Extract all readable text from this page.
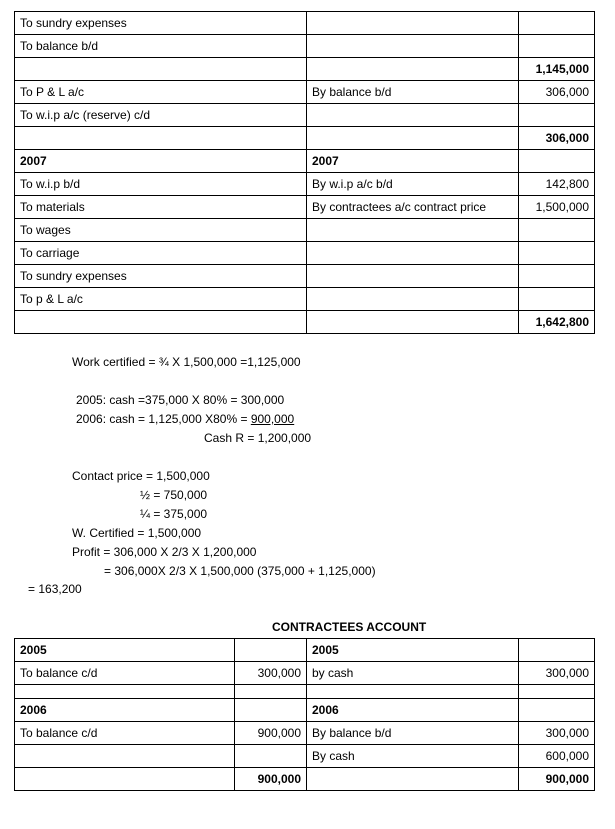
To sundry expenses			
To balance b/d			
			1,145,000
To P & L a/c		By balance b/d	306,000
To w.i.p a/c (reserve) c/d			
			306,000
2007		2007	
To w.i.p b/d		By w.i.p a/c b/d	142,800
To materials		By contractees a/c contract price	1,500,000
To wages			
To carriage			
To sundry expenses			
To p & L a/c			
			1,642,800
Work certified = ¾ X 1,500,000 =1,125,000
2005: cash =375,000 X 80% = 300,000
2006: cash = 1,125,000 X80% = 900,000
Cash R = 1,200,000
Contact price = 1,500,000
½ = 750,000
¼ = 375,000
W. Certified = 1,500,000
Profit = 306,000 X 2/3 X 1,200,000
= 306,000X 2/3 X 1,500,000 (375,000 + 1,125,000)
= 163,200
CONTRACTEES ACCOUNT
2005		2005	
To balance c/d	300,000	by cash	300,000

2006		2006	
To balance c/d	900,000	By balance b/d	300,000
		By cash	600,000
	900,000		900,000
